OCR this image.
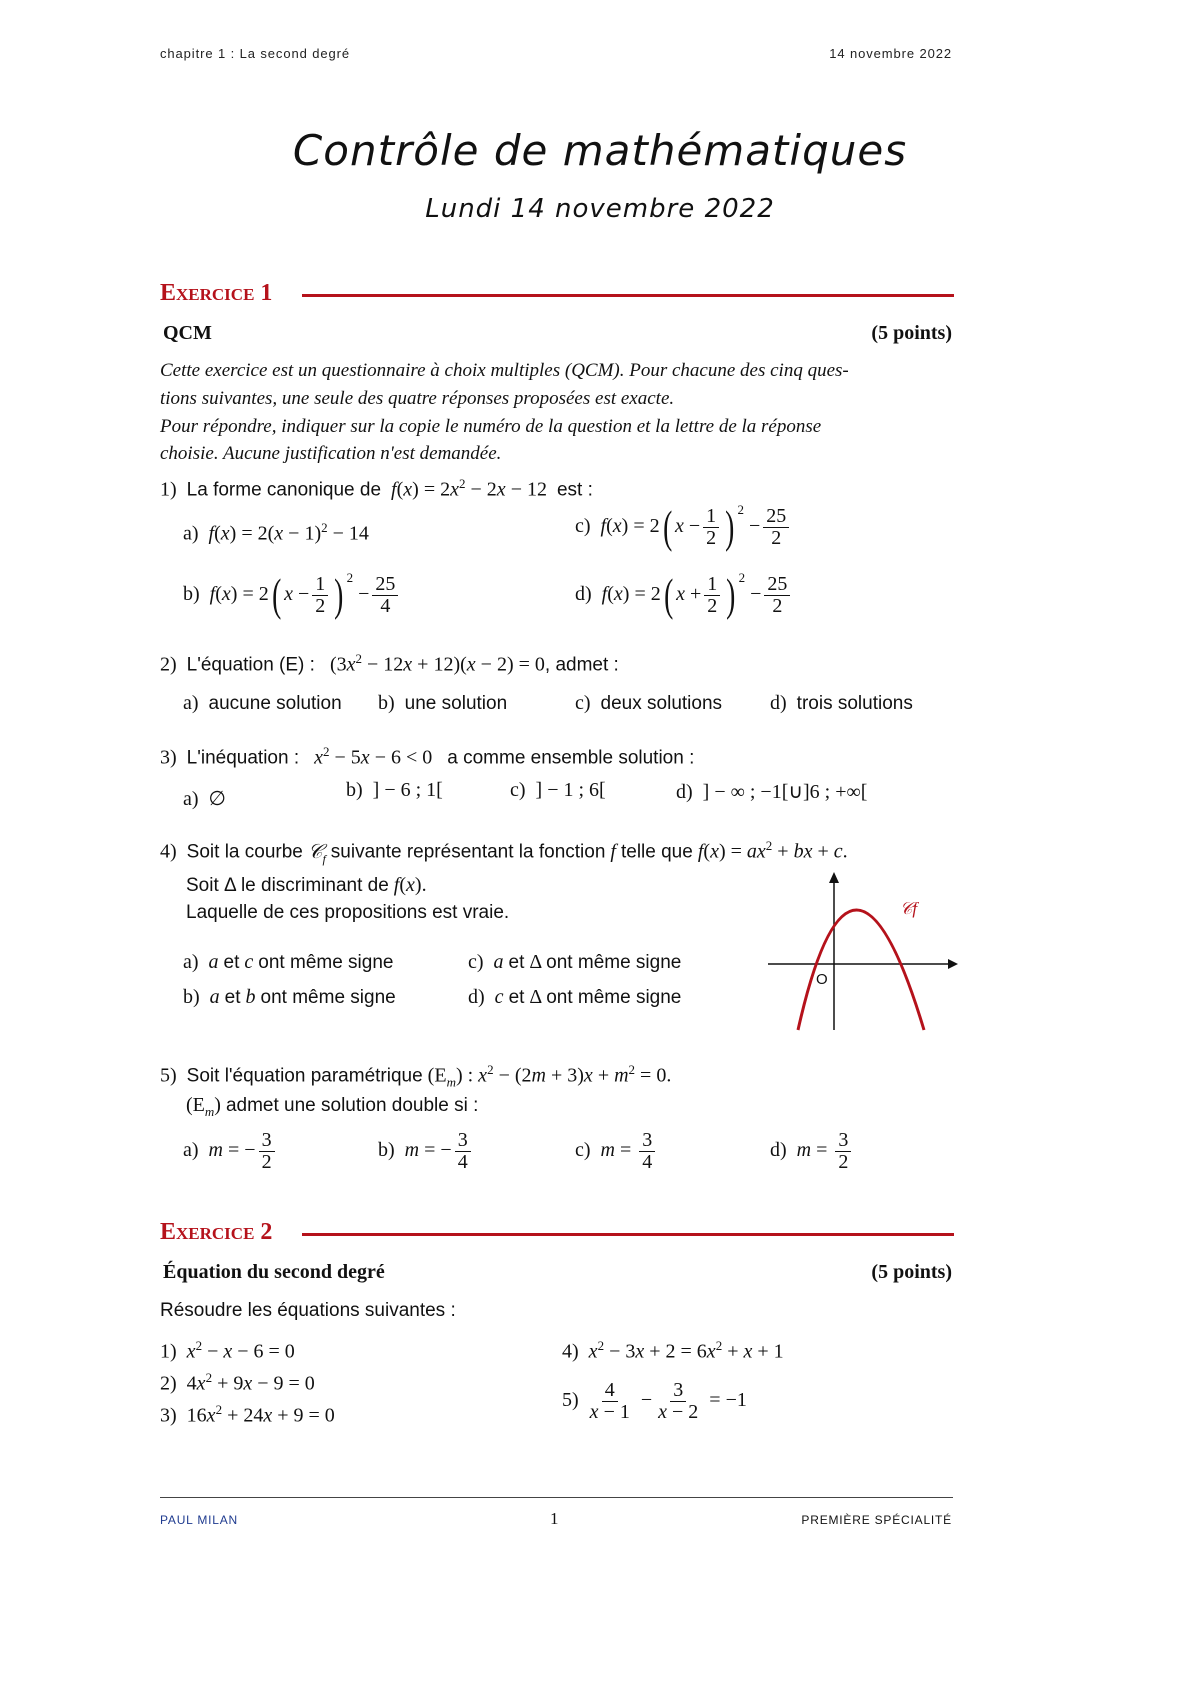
chapitre 1 : La second degré	14 novembre 2022
Contrôle de mathématiques
Lundi 14 novembre 2022
Exercice 1
QCM	(5 points)
Cette exercice est un questionnaire à choix multiples (QCM). Pour chacune des cinq ques-
tions suivantes, une seule des quatre réponses proposées est exacte.
Pour répondre, indiquer sur la copie le numéro de la question et la lettre de la réponse
choisie. Aucune justification n'est demandée.
1) La forme canonique de $f(x) = 2x^2 - 2x - 12$  est :
a)  $f(x) = 2(x - 1)^2 - 14$	c)  f(x) = 2( $x - \frac{1}{2}$ ) $^2 - \frac{25}{2}$
b)  f(x) = 2( $x - \frac{1}{2}$ ) $^2 - \frac{25}{4}$	d)  f(x) = 2( $x + \frac{1}{2}$ ) $^2 - \frac{25}{2}$
2) L'équation (E) :   $(3x^2 - 12x + 12)(x - 2) = 0$, admet :
a)  aucune solution b)  une solution	c)  deux solutions d)  trois solutions
3) L'inéquation : $x^2 - 5x - 6 < 0$   a comme ensemble solution :
a)  ∅	b)  ] − 6 ; 1[	c)  ] − 1 ; 6[	d)  ] − ∞ ; −1[∪]6 ; +∞[
4) Soit la courbe 𝒞$_f$ suivante représentant la fonction f telle que $f(x) = ax^2$ + bx + c.
Soit Δ le discriminant de f(x).
Laquelle de ces propositions est vraie.
a)  a et c ont même signe	c)  a et Δ ont même signe
b)  a et b ont même signe	d)  c et Δ ont même signe
O
𝒞f
5) Soit l'équation paramétrique $(E_m)$ : $x^2 - (2m + 3)x + m^2 = 0$.
$(E_m)$ admet une solution double si :
a)  m = − $\frac{3}{2}$	b)  m = − $\frac{3}{4}$	c)  $m = \frac{3}{4}$	d)  $m = \frac{3}{2}$
Exercice 2
Équation du second degré	(5 points)
Résoudre les équations suivantes :
1)  $x^2 - x - 6 = 0$
2)  $4x^2 + 9x - 9 = 0$
3)  $16x^2 + 24x + 9 = 0$
4)  $x^2 - 3x + 2 = 6x^2 + x + 1$
$5) \frac{4}{x - 1} - \frac{3}{x - 2} = -1$
PAUL MILAN	1	PREMIÈRE SPÉCIALITÉ
